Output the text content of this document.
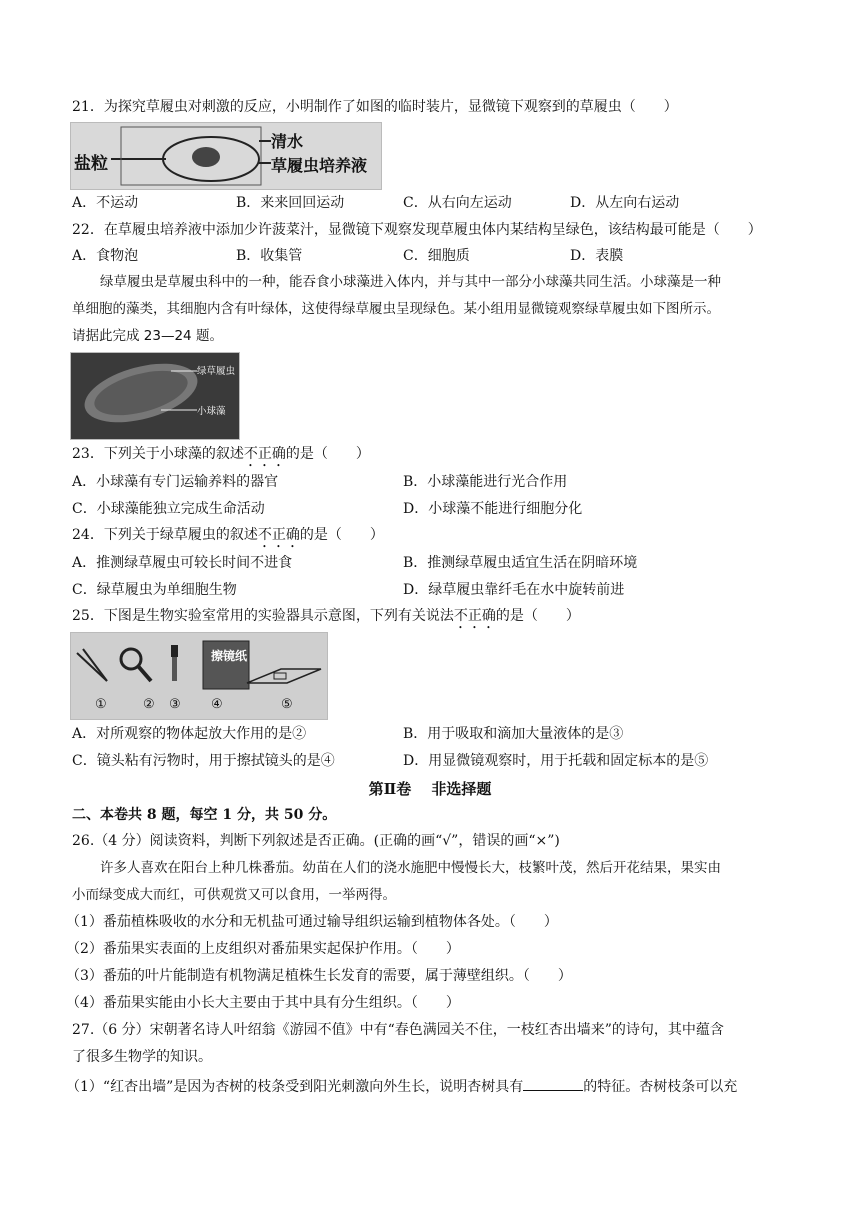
21．为探究草履虫对刺激的反应，小明制作了如图的临时装片，显微镜下观察到的草履虫（　　）
盐粒
清水
草履虫培养液
A．不运动	B．来来回回运动	C．从右向左运动	D．从左向右运动
22．在草履虫培养液中添加少许菠菜汁，显微镜下观察发现草履虫体内某结构呈绿色，该结构最可能是（　　）
A．食物泡	B．收集管	C．细胞质	D．表膜
绿草履虫是草履虫科中的一种，能吞食小球藻进入体内，并与其中一部分小球藻共同生活。小球藻是一种
单细胞的藻类，其细胞内含有叶绿体，这使得绿草履虫呈现绿色。某小组用显微镜观察绿草履虫如下图所示。
请据此完成 23—24 题。
绿草履虫
小球藻
23．下列关于小球藻的叙述不正确的是（　　）
A．小球藻有专门运输养料的器官	B．小球藻能进行光合作用
C．小球藻能独立完成生命活动	D．小球藻不能进行细胞分化
24．下列关于绿草履虫的叙述不正确的是（　　）
A．推测绿草履虫可较长时间不进食	B．推测绿草履虫适宜生活在阴暗环境
C．绿草履虫为单细胞生物	D．绿草履虫靠纤毛在水中旋转前进
25．下图是生物实验室常用的实验器具示意图，下列有关说法不正确的是（　　）
擦镜纸
①	② ③ ④	⑤
A．对所观察的物体起放大作用的是②	B．用于吸取和滴加大量液体的是③
C．镜头粘有污物时，用于擦拭镜头的是④	D．用显微镜观察时，用于托载和固定标本的是⑤
第Ⅱ卷　 非选择题
二、本卷共 8 题，每空 1 分，共 50 分。
26.（4 分）阅读资料，判断下列叙述是否正确。(正确的画“√”，错误的画“×”)
许多人喜欢在阳台上种几株番茄。幼苗在人们的浇水施肥中慢慢长大，枝繁叶茂，然后开花结果，果实由
小而绿变成大而红，可供观赏又可以食用，一举两得。
（1）番茄植株吸收的水分和无机盐可通过输导组织运输到植物体各处。（　　）
（2）番茄果实表面的上皮组织对番茄果实起保护作用。（　　）
（3）番茄的叶片能制造有机物满足植株生长发育的需要，属于薄壁组织。（　　）
（4）番茄果实能由小长大主要由于其中具有分生组织。（　　）
27.（6 分）宋朝著名诗人叶绍翁《游园不值》中有“春色满园关不住，一枝红杏出墙来”的诗句，其中蕴含
了很多生物学的知识。
（1）“红杏出墙”是因为杏树的枝条受到阳光刺激向外生长，说明杏树具有	的特征。杏树枝条可以充
